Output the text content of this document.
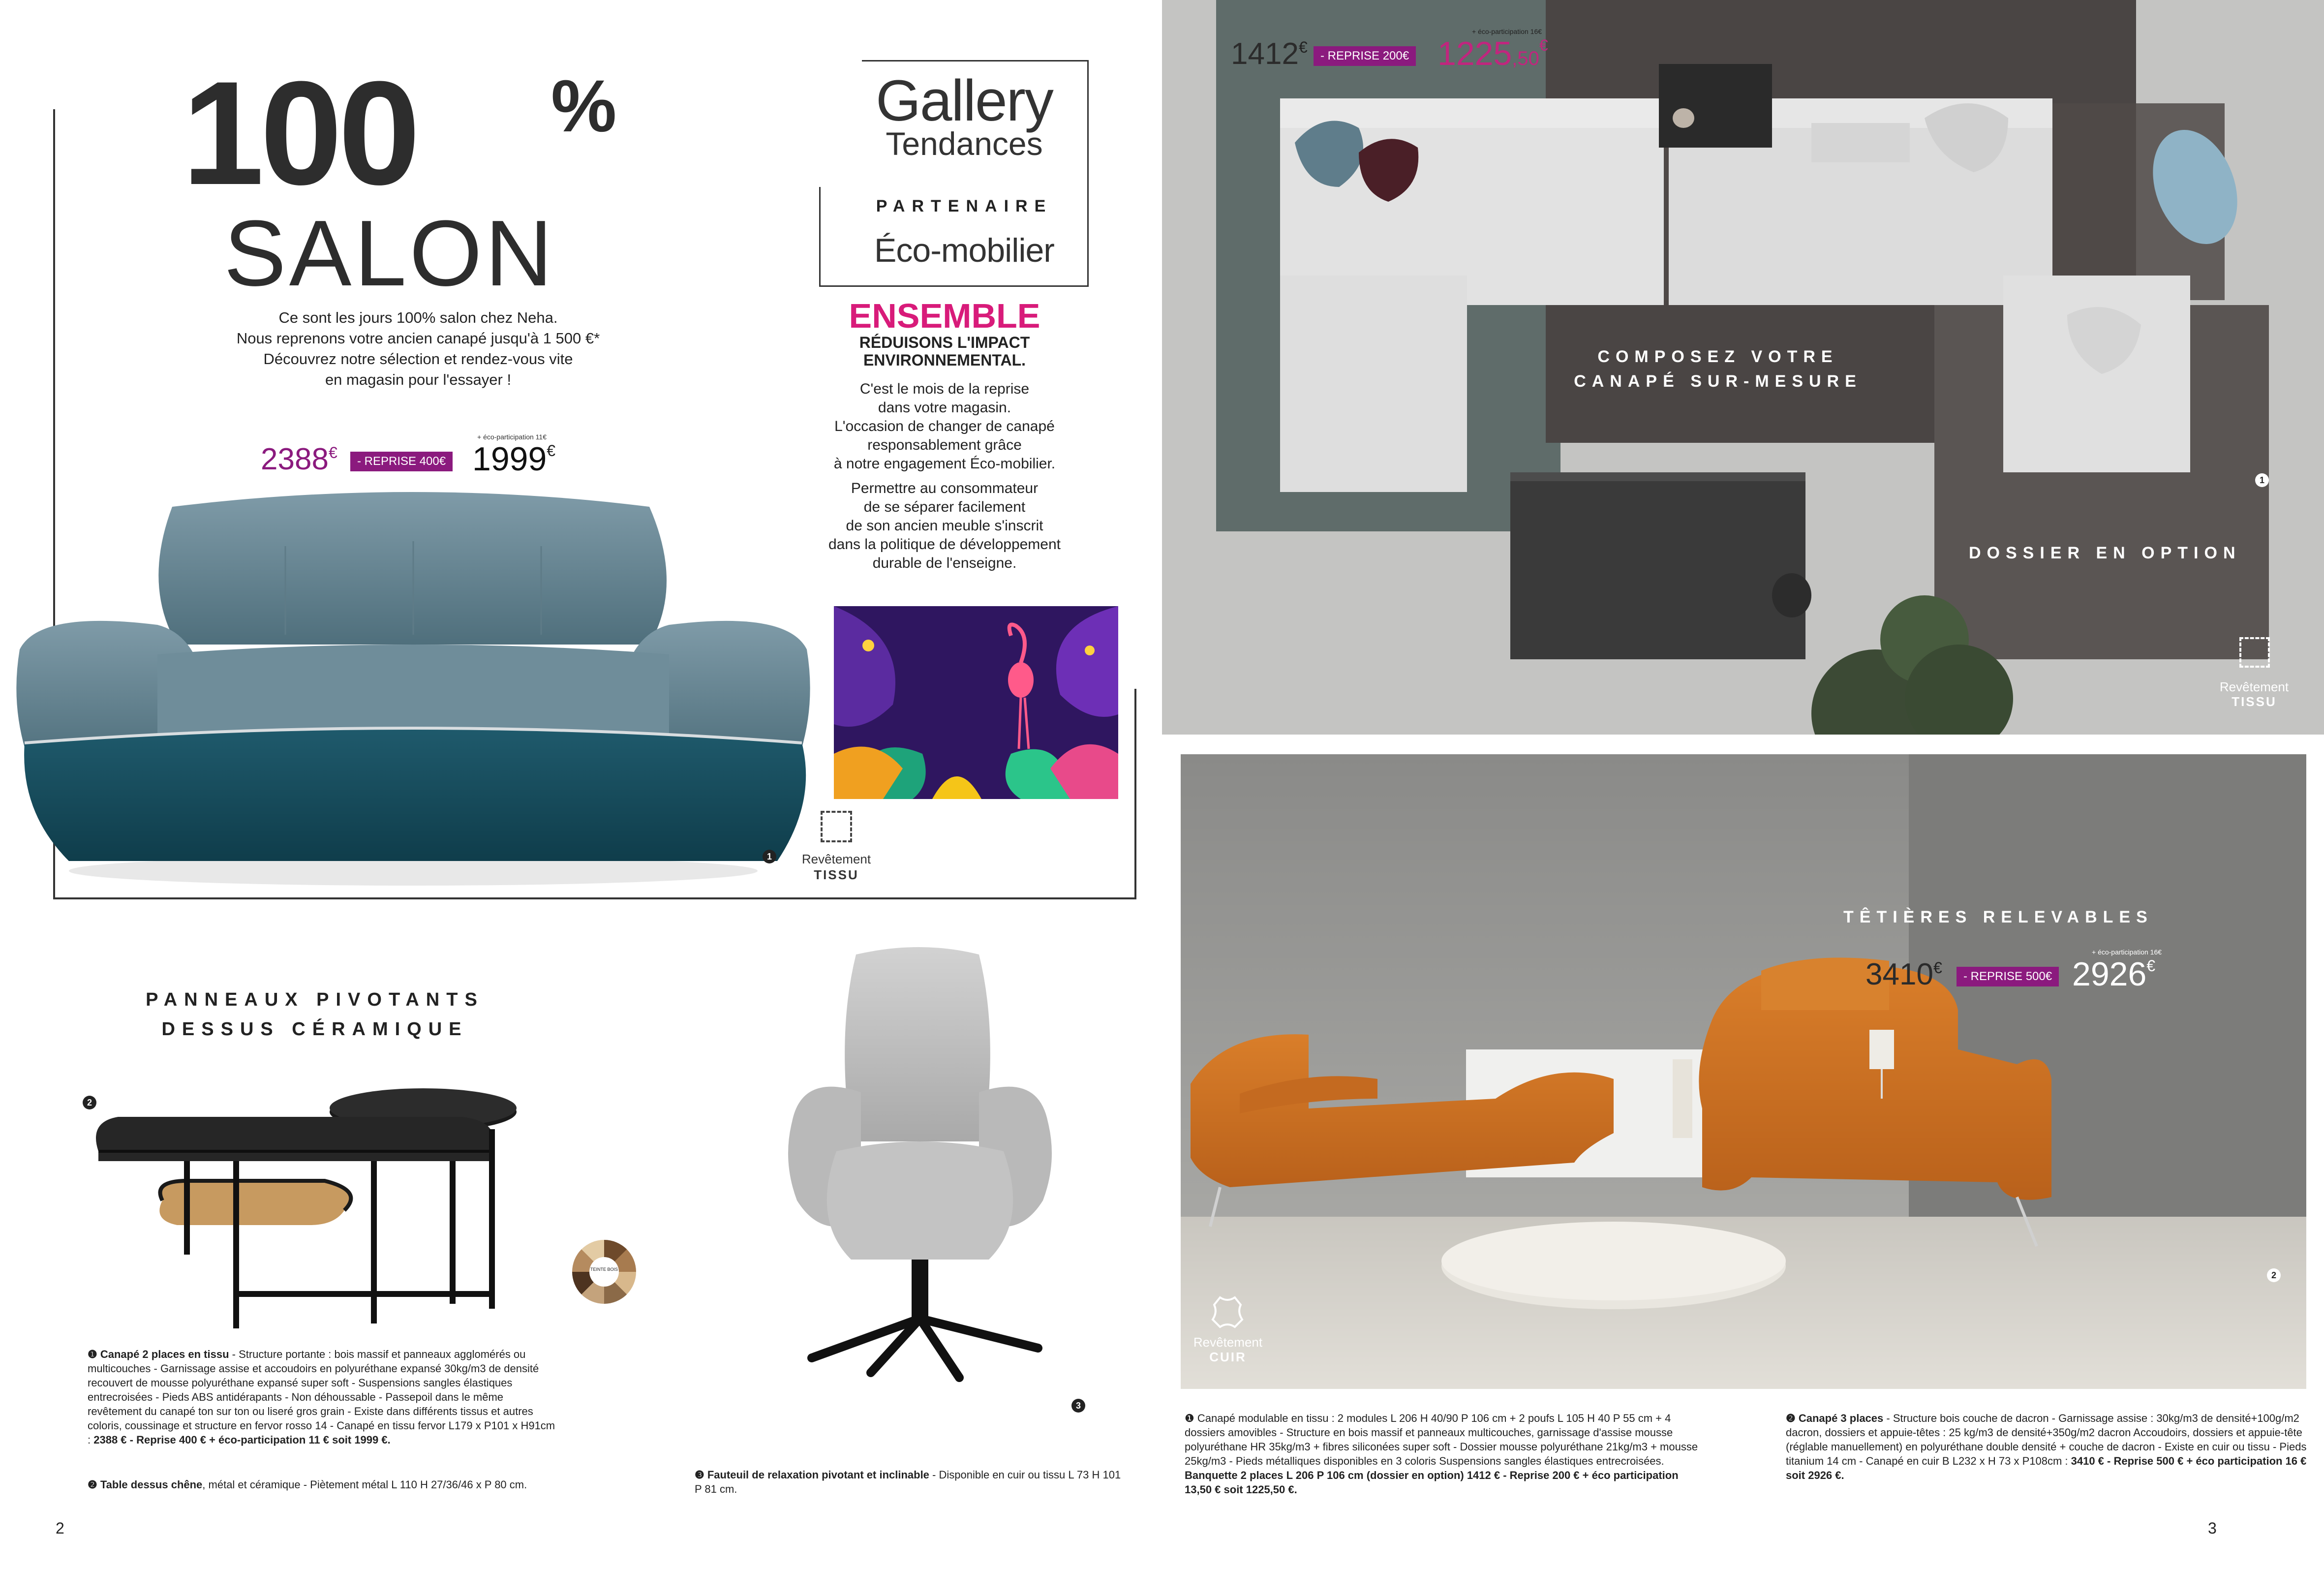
100 %
SALON
Ce sont les jours 100% salon chez Neha.
Nous reprenons votre ancien canapé jusqu'à 1 500 €*
Découvrez notre sélection et rendez-vous vite
en magasin pour l'essayer !
+ éco-participation 11€
2388€	- REPRISE 400€ 1999€
1	Revêtement
TISSU
Gallery
Tendances
PARTENAIRE
Éco-mobilier
ENSEMBLE
RÉDUISONS L'IMPACT
ENVIRONNEMENTAL.
C'est le mois de la reprise
dans votre magasin.
L'occasion de changer de canapé
responsablement grâce
à notre engagement Éco-mobilier.
Permettre au consommateur
de se séparer facilement
de son ancien meuble s'inscrit
dans la politique de développement
durable de l'enseigne.
PANNEAUX PIVOTANTS
DESSUS CÉRAMIQUE
2
TEINTE BOIS
3
❶ Canapé 2 places en tissu - Structure portante : bois massif et panneaux agglomérés ou multicouches - Garnissage assise et accoudoirs en polyuréthane expansé 30kg/m3 de densité recouvert de mousse polyuréthane expansé super soft - Suspensions sangles élastiques entrecroisées - Pieds ABS antidérapants - Non déhoussable - Passepoil dans le même revêtement du canapé ton sur ton ou liseré gros grain - Existe dans différents tissus et autres coloris, coussinage et structure en fervor rosso 14 - Canapé en tissu fervor L179 x P101 x H91cm : 2388 € - Reprise 400 € + éco-participation 11 € soit 1999 €.
❷ Table dessus chêne, métal et céramique - Piètement métal L 110 H 27/36/46 x P 80 cm.
❸ Fauteuil de relaxation pivotant et inclinable - Disponible en cuir ou tissu L 73 H 101 P 81 cm.
2
+ éco-participation 16€
1412€	- REPRISE 200€ 1225,50€
COMPOSEZ VOTRE
CANAPÉ SUR-MESURE
1
DOSSIER EN OPTION
Revêtement
TISSU
TÊTIÈRES RELEVABLES
+ éco-participation 16€
3410€	- REPRISE 500€ 2926€
2
Revêtement
CUIR
❶ Canapé modulable en tissu : 2 modules L 206 H 40/90 P 106 cm + 2 poufs L 105 H 40 P 55 cm + 4 dossiers amovibles - Structure en bois massif et panneaux multicouches, garnissage d'assise mousse polyuréthane HR 35kg/m3 + fibres siliconées super soft - Dossier mousse polyuréthane 21kg/m3 + mousse 25kg/m3 - Pieds métalliques disponibles en 3 coloris Suspensions sangles élastiques entrecroisées.
Banquette 2 places L 206 P 106 cm (dossier en option) 1412 € - Reprise 200 € + éco participation 13,50 € soit 1225,50 €.
❷ Canapé 3 places - Structure bois couche de dacron - Garnissage assise : 30kg/m3 de densité+100g/m2 dacron, dossiers et appuie-têtes : 25 kg/m3 de densité+350g/m2 dacron Accoudoirs, dossiers et appuie-tête (réglable manuellement) en polyuréthane double densité + couche de dacron - Existe en cuir ou tissu - Pieds titanium 14 cm - Canapé en cuir B L232 x H 73 x P108cm : 3410 € - Reprise 500 € + éco participation 16 € soit 2926 €.
3
